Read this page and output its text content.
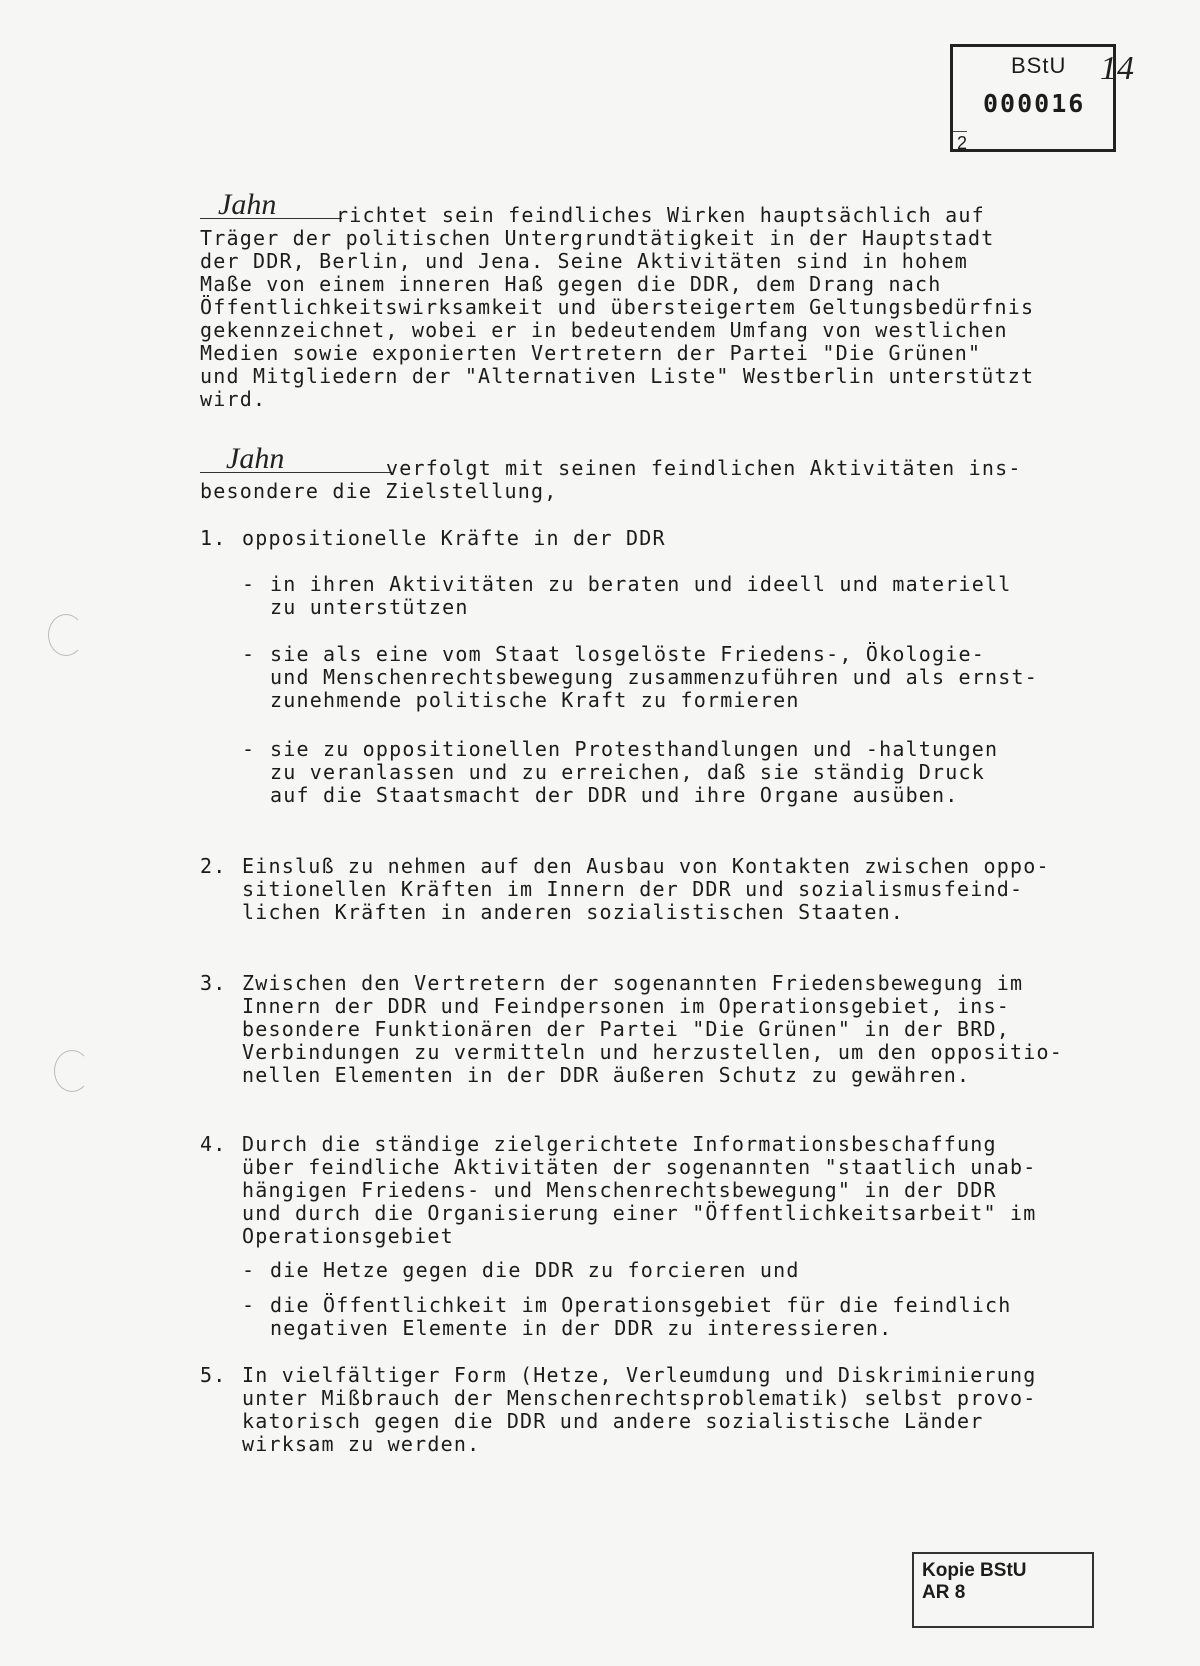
BStU
000016
2
14
Jahn	richtet sein feindliches Wirken hauptsächlich auf
Träger der politischen Untergrundtätigkeit in der Hauptstadt
der DDR, Berlin, und Jena. Seine Aktivitäten sind in hohem
Maße von einem inneren Haß gegen die DDR, dem Drang nach
Öffentlichkeitswirksamkeit und übersteigertem Geltungsbedürfnis
gekennzeichnet, wobei er in bedeutendem Umfang von westlichen
Medien sowie exponierten Vertretern der Partei "Die Grünen"
und Mitgliedern der "Alternativen Liste" Westberlin unterstützt
wird.
Jahn	verfolgt mit seinen feindlichen Aktivitäten ins-
besondere die Zielstellung,
1. oppositionelle Kräfte in der DDR
- in ihren Aktivitäten zu beraten und ideell und materiell
zu unterstützen
- sie als eine vom Staat losgelöste Friedens-, Ökologie-
und Menschenrechtsbewegung zusammenzuführen und als ernst-
zunehmende politische Kraft zu formieren
- sie zu oppositionellen Protesthandlungen und -haltungen
zu veranlassen und zu erreichen, daß sie ständig Druck
auf die Staatsmacht der DDR und ihre Organe ausüben.
2. Einsluß zu nehmen auf den Ausbau von Kontakten zwischen oppo-
sitionellen Kräften im Innern der DDR und sozialismusfeind-
lichen Kräften in anderen sozialistischen Staaten.
3. Zwischen den Vertretern der sogenannten Friedensbewegung im
Innern der DDR und Feindpersonen im Operationsgebiet, ins-
besondere Funktionären der Partei "Die Grünen" in der BRD,
Verbindungen zu vermitteln und herzustellen, um den oppositio-
nellen Elementen in der DDR äußeren Schutz zu gewähren.
4. Durch die ständige zielgerichtete Informationsbeschaffung
über feindliche Aktivitäten der sogenannten "staatlich unab-
hängigen Friedens- und Menschenrechtsbewegung" in der DDR
und durch die Organisierung einer "Öffentlichkeitsarbeit" im
Operationsgebiet
- die Hetze gegen die DDR zu forcieren und
- die Öffentlichkeit im Operationsgebiet für die feindlich
negativen Elemente in der DDR zu interessieren.
5. In vielfältiger Form (Hetze, Verleumdung und Diskriminierung
unter Mißbrauch der Menschenrechtsproblematik) selbst provo-
katorisch gegen die DDR und andere sozialistische Länder
wirksam zu werden.
Kopie BStU
AR 8
